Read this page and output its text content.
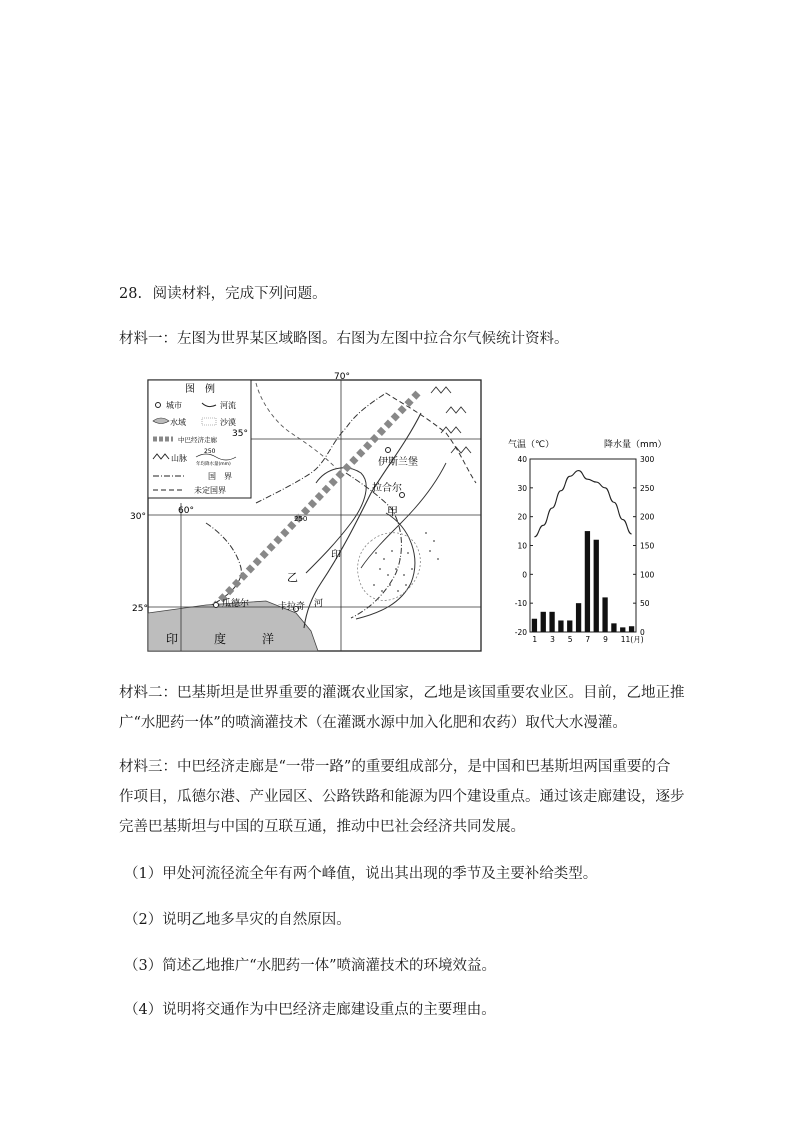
28. 阅读材料，完成下列问题。
材料一：左图为世界某区域略图。右图为左图中拉合尔气候统计资料。
图　例
城市	河流
水域	沙漠
中巴经济走廊
山脉
250
年均降水量(mm)
国　界
未定国界
35°
30°
25°
70°
60°
伊斯兰堡
拉合尔
甲
乙
瓜德尔	卡拉奇
印
河
250
印　度　洋
气温（℃）	降水量（mm）
40
30
20
10
0
-10
-20
300
250
200
150
100
50
0
1 3 5 7 9 11(月)
材料二：巴基斯坦是世界重要的灌溉农业国家，乙地是该国重要农业区。目前，乙地正推
广“水肥药一体”的喷滴灌技术（在灌溉水源中加入化肥和农药）取代大水漫灌。
材料三：中巴经济走廊是“一带一路”的重要组成部分，是中国和巴基斯坦两国重要的合
作项目，瓜德尔港、产业园区、公路铁路和能源为四个建设重点。通过该走廊建设，逐步
完善巴基斯坦与中国的互联互通，推动中巴社会经济共同发展。
（1）甲处河流径流全年有两个峰值，说出其出现的季节及主要补给类型。
（2）说明乙地多旱灾的自然原因。
（3）简述乙地推广“水肥药一体”喷滴灌技术的环境效益。
（4）说明将交通作为中巴经济走廊建设重点的主要理由。
